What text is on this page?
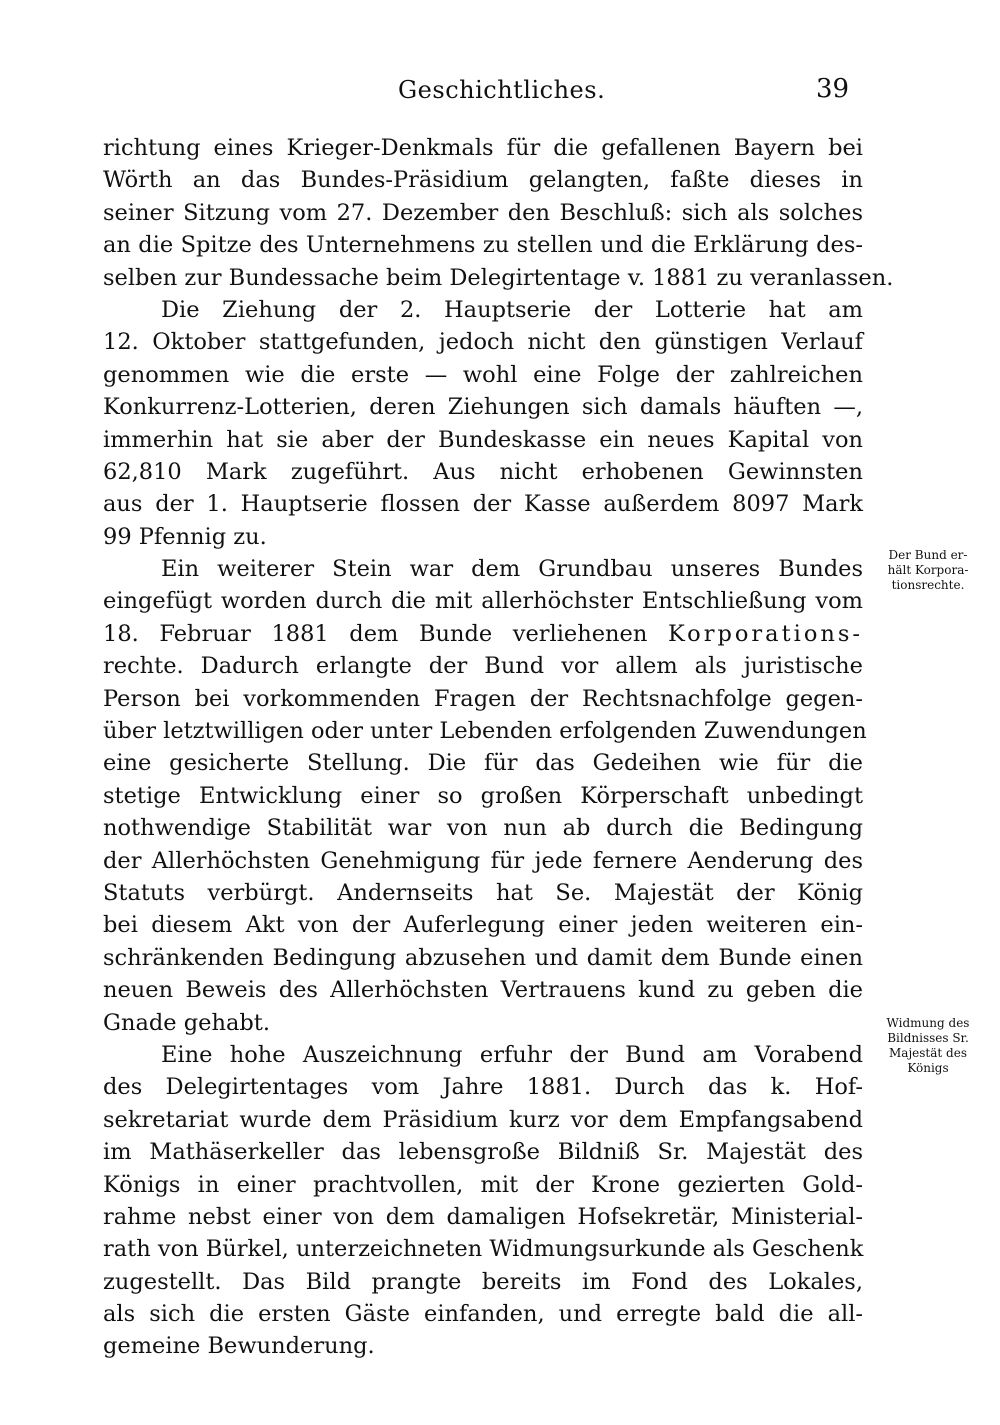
Geschichtliches.	39
richtung eines Krieger-Denkmals für die gefallenen Bayern bei
Wörth an das Bundes-Präsidium gelangten, faßte dieses in
seiner Sitzung vom 27. Dezember den Beschluß: sich als solches
an die Spitze des Unternehmens zu stellen und die Erklärung des-
selben zur Bundessache beim Delegirtentage v. 1881 zu veranlassen.
Die Ziehung der 2. Hauptserie der Lotterie hat am
12. Oktober stattgefunden, jedoch nicht den günstigen Verlauf
genommen wie die erste — wohl eine Folge der zahlreichen
Konkurrenz-Lotterien, deren Ziehungen sich damals häuften —,
immerhin hat sie aber der Bundeskasse ein neues Kapital von
62,810 Mark zugeführt. Aus nicht erhobenen Gewinnsten
aus der 1. Hauptserie flossen der Kasse außerdem 8097 Mark
99 Pfennig zu.
Ein weiterer Stein war dem Grundbau unseres Bundes
eingefügt worden durch die mit allerhöchster Entschließung vom
18. Februar 1881 dem Bunde verliehenen Korporations-
rechte. Dadurch erlangte der Bund vor allem als juristische
Person bei vorkommenden Fragen der Rechtsnachfolge gegen-
über letztwilligen oder unter Lebenden erfolgenden Zuwendungen
eine gesicherte Stellung. Die für das Gedeihen wie für die
stetige Entwicklung einer so großen Körperschaft unbedingt
nothwendige Stabilität war von nun ab durch die Bedingung
der Allerhöchsten Genehmigung für jede fernere Aenderung des
Statuts verbürgt. Andernseits hat Se. Majestät der König
bei diesem Akt von der Auferlegung einer jeden weiteren ein-
schränkenden Bedingung abzusehen und damit dem Bunde einen
neuen Beweis des Allerhöchsten Vertrauens kund zu geben die
Gnade gehabt.
Eine hohe Auszeichnung erfuhr der Bund am Vorabend
des Delegirtentages vom Jahre 1881. Durch das k. Hof-
sekretariat wurde dem Präsidium kurz vor dem Empfangsabend
im Mathäserkeller das lebensgroße Bildniß Sr. Majestät des
Königs in einer prachtvollen, mit der Krone gezierten Gold-
rahme nebst einer von dem damaligen Hofsekretär, Ministerial-
rath von Bürkel, unterzeichneten Widmungsurkunde als Geschenk
zugestellt. Das Bild prangte bereits im Fond des Lokales,
als sich die ersten Gäste einfanden, und erregte bald die all-
gemeine Bewunderung.
Der Bund er-
hält Korpora-
tionsrechte.
Widmung des
Bildnisses Sr.
Majestät des
Königs
